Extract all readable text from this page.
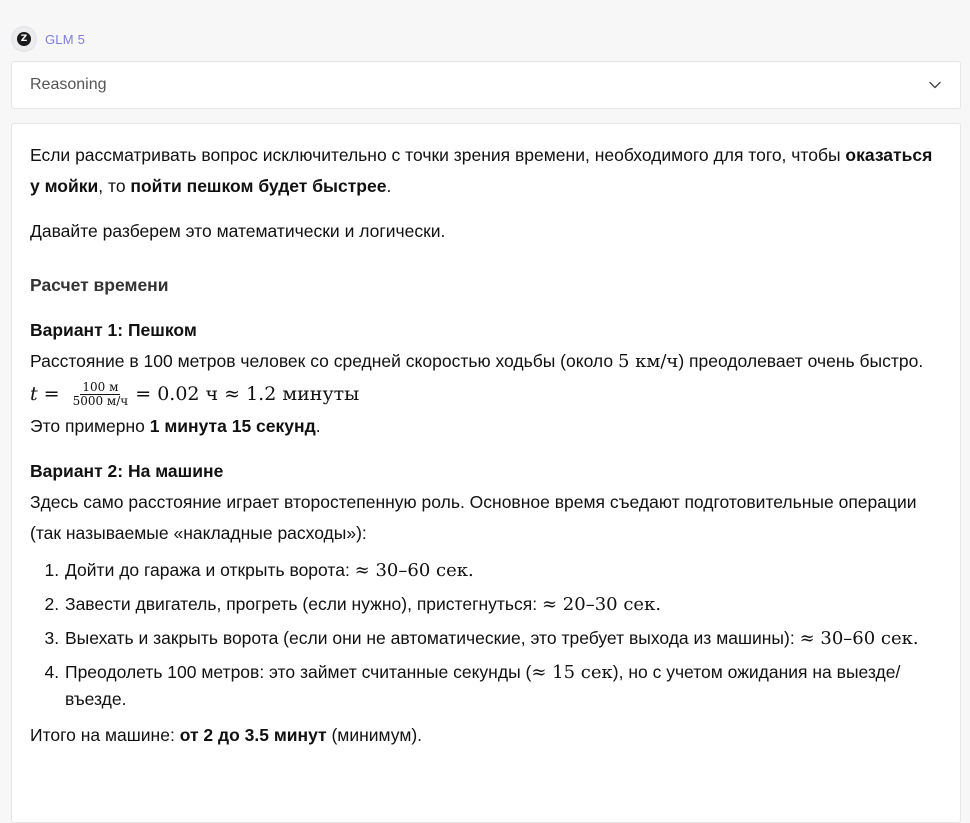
Z GLM 5
Reasoning

Если рассматривать вопрос исключительно с точки зрения времени, необходимого для того, чтобы оказаться у мойки, то пойти пешком будет быстрее.

Давайте разберем это математически и логически.

Расчет времени

Вариант 1: Пешком

Расстояние в 100 метров человек со средней скоростью ходьбы (около 5 км/ч) преодолевает очень быстро.

$t = \frac{100 м}{5000 м/ч} = 0.02$ ч ≈ 1.2 минуты

Это примерно 1 минута 15 секунд.

Вариант 2: На машине

Здесь само расстояние играет второстепенную роль. Основное время съедают подготовительные операции (так называемые «накладные расходы»):

1. Дойти до гаража и открыть ворота: ≈ 30–60 сек.
2. Завести двигатель, прогреть (если нужно), пристегнуться: ≈ 20–30 сек.
3. Выехать и закрыть ворота (если они не автоматические, это требует выхода из машины): ≈ 30–60 сек.
4. Преодолеть 100 метров: это займет считанные секунды (≈ 15 сек), но с учетом ожидания на выезде/въезде.

Итого на машине: от 2 до 3.5 минут (минимум).
